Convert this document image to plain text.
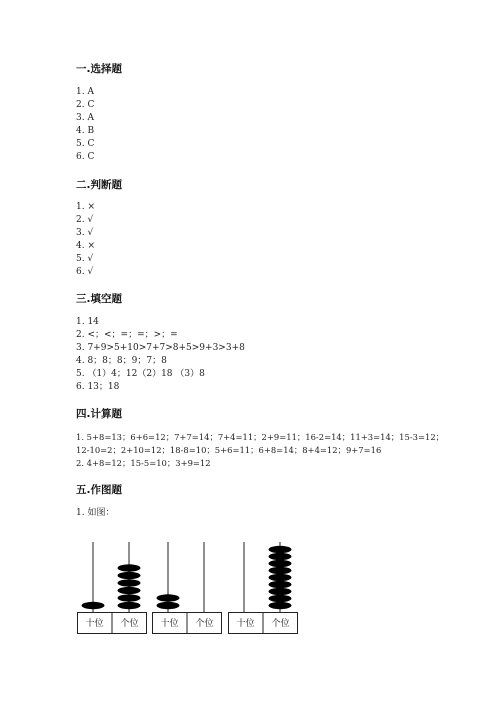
一.选择题
1. A
2. C
3. A
4. B
5. C
6. C
二.判断题
1. ×
2. √
3. √
4. ×
5. √
6. √
三.填空题
1. 14
2. <；<；=；=；>；=
3. 7+9>5+10>7+7>8+5>9+3>3+8
4. 8；8；8；9；7；8
5. （1）4；12（2）18 （3）8
6. 13；18
四.计算题
1. 5+8=13；6+6=12；7+7=14；7+4=11；2+9=11；16-2=14；11+3=14；15-3=12；
12-10=2；2+10=12；18-8=10；5+6=11；6+8=14；8+4=12；9+7=16
2. 4+8=12；15-5=10；3+9=12
五.作图题
1. 如图：
十位 个位 十位 个位	十位 个位
